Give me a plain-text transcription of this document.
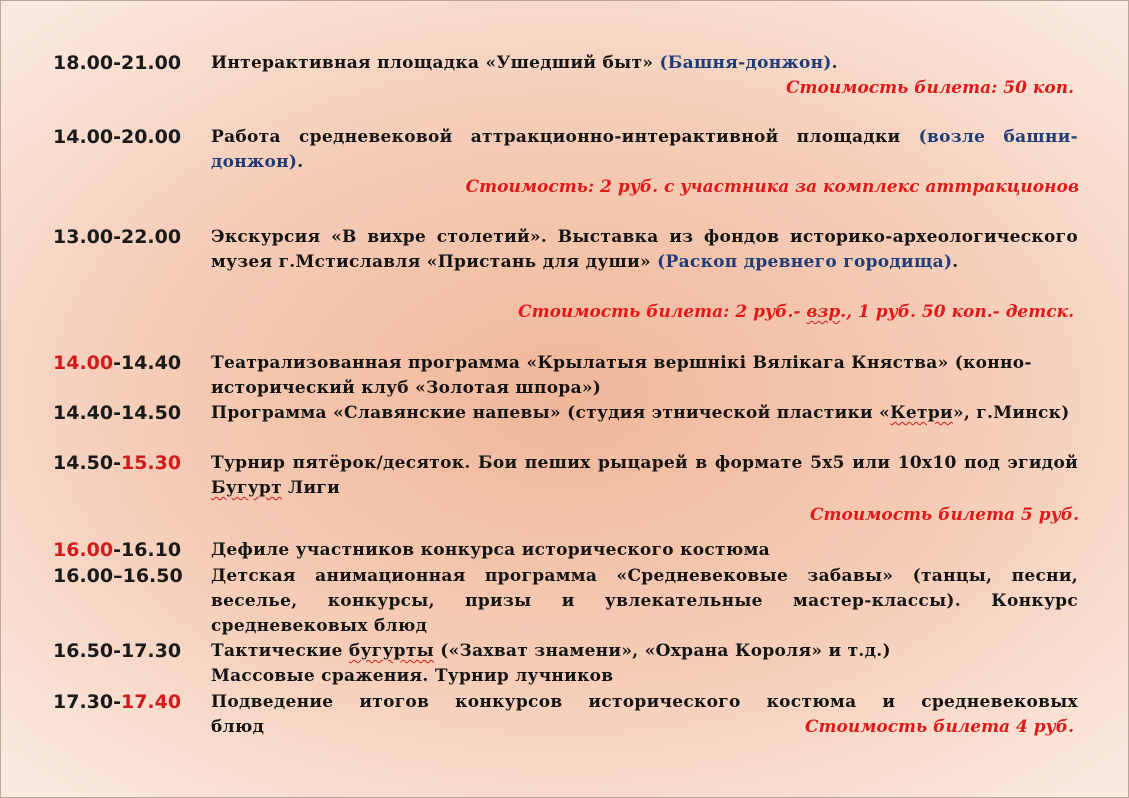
18.00-21.00 Интерактивная площадка «Ушедший быт» (Башня-донжон).
Стоимость билета: 50 коп.
14.00-20.00 Работа средневековой аттракционно-интерактивной площадки (возле башни-донжон).
Стоимость: 2 руб. с участника за комплекс аттракционов
13.00-22.00 Экскурсия «В вихре столетий». Выставка из фондов историко-археологического музея г.Мстиславля «Пристань для души» (Раскоп древнего городища).
Стоимость билета: 2 руб.- взр., 1 руб. 50 коп.- детск.
14.00-14.40 Театрализованная программа «Крылатыя вершнікі Вялікага Княства» (конно-исторический клуб «Золотая шпора»)
14.40-14.50 Программа «Славянские напевы» (студия этнической пластики «Кетри», г.Минск)
14.50-15.30 Турнир пятёрок/десяток. Бои пеших рыцарей в формате 5х5 или 10х10 под эгидой Бугурт Лиги
Стоимость билета 5 руб.
16.00-16.10 Дефиле участников конкурса исторического костюма
16.00–16.50 Детская анимационная программа «Средневековые забавы» (танцы, песни, веселье, конкурсы, призы и увлекательные мастер-классы). Конкурс средневековых блюд
16.50-17.30 Тактические бугурты («Захват знамени», «Охрана Короля» и т.д.)
Массовые сражения. Турнир лучников
17.30-17.40 Подведение итогов конкурсов исторического костюма и средневековых
блюд	Стоимость билета 4 руб.
